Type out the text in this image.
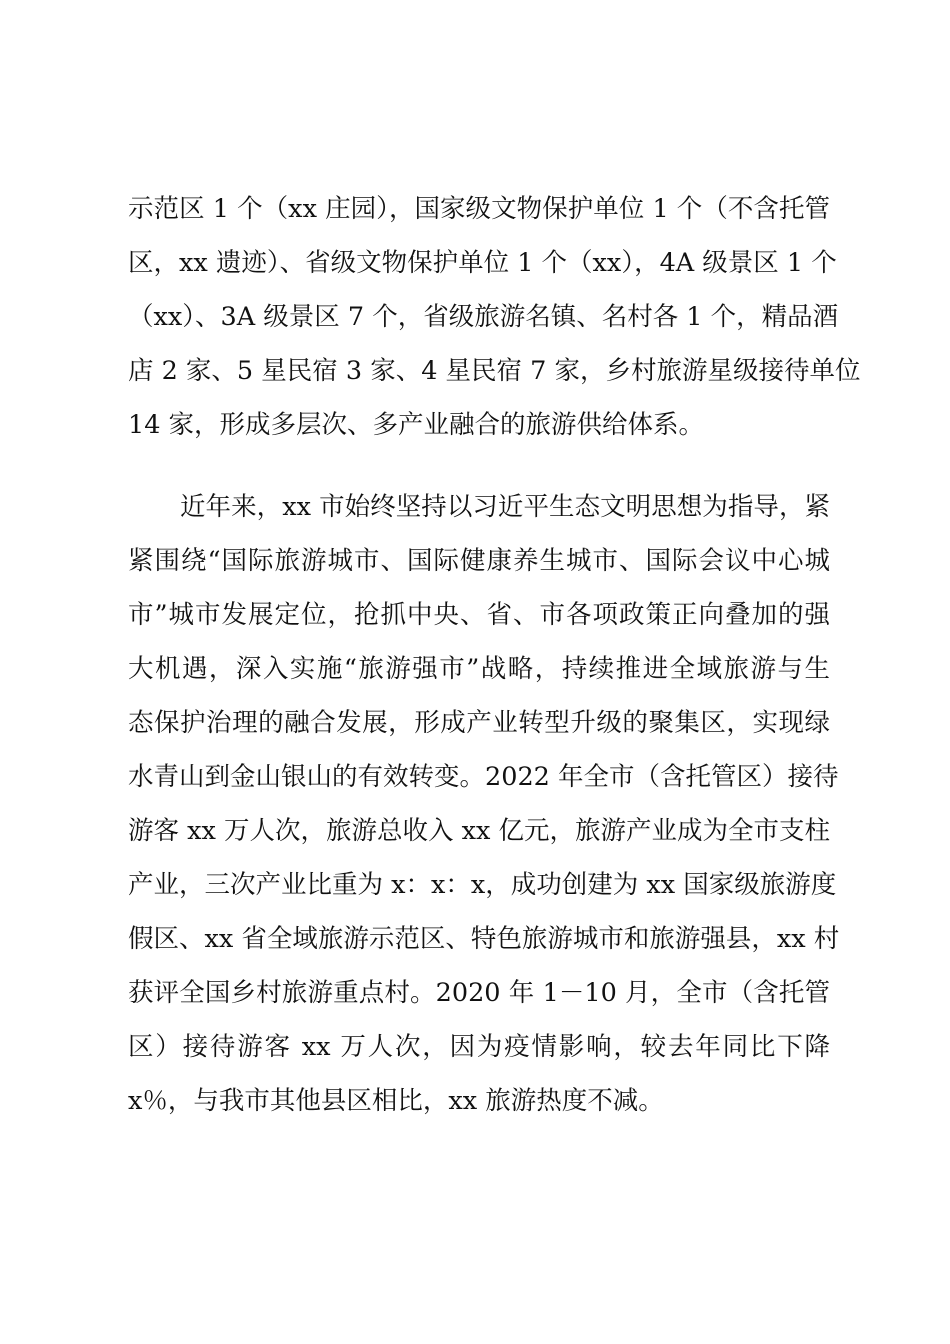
示范区 1 个（xx 庄园），国家级文物保护单位 1 个（不含托管
区，xx 遗迹）、省级文物保护单位 1 个（xx），4A 级景区 1 个
（xx）、3A 级景区 7 个，省级旅游名镇、名村各 1 个，精品酒
店 2 家、5 星民宿 3 家、4 星民宿 7 家，乡村旅游星级接待单位
14 家，形成多层次、多产业融合的旅游供给体系。
近年来，xx 市始终坚持以习近平生态文明思想为指导，紧
紧围绕“国际旅游城市、国际健康养生城市、国际会议中心城
市”城市发展定位，抢抓中央、省、市各项政策正向叠加的强
大机遇，深入实施“旅游强市”战略，持续推进全域旅游与生
态保护治理的融合发展，形成产业转型升级的聚集区，实现绿
水青山到金山银山的有效转变。2022 年全市（含托管区）接待
游客 xx 万人次，旅游总收入 xx 亿元，旅游产业成为全市支柱
产业，三次产业比重为 x：x：x，成功创建为 xx 国家级旅游度
假区、xx 省全域旅游示范区、特色旅游城市和旅游强县，xx 村
获评全国乡村旅游重点村。2020 年 1－10 月，全市（含托管
区）接待游客 xx 万人次，因为疫情影响，较去年同比下降
x％，与我市其他县区相比，xx 旅游热度不减。
